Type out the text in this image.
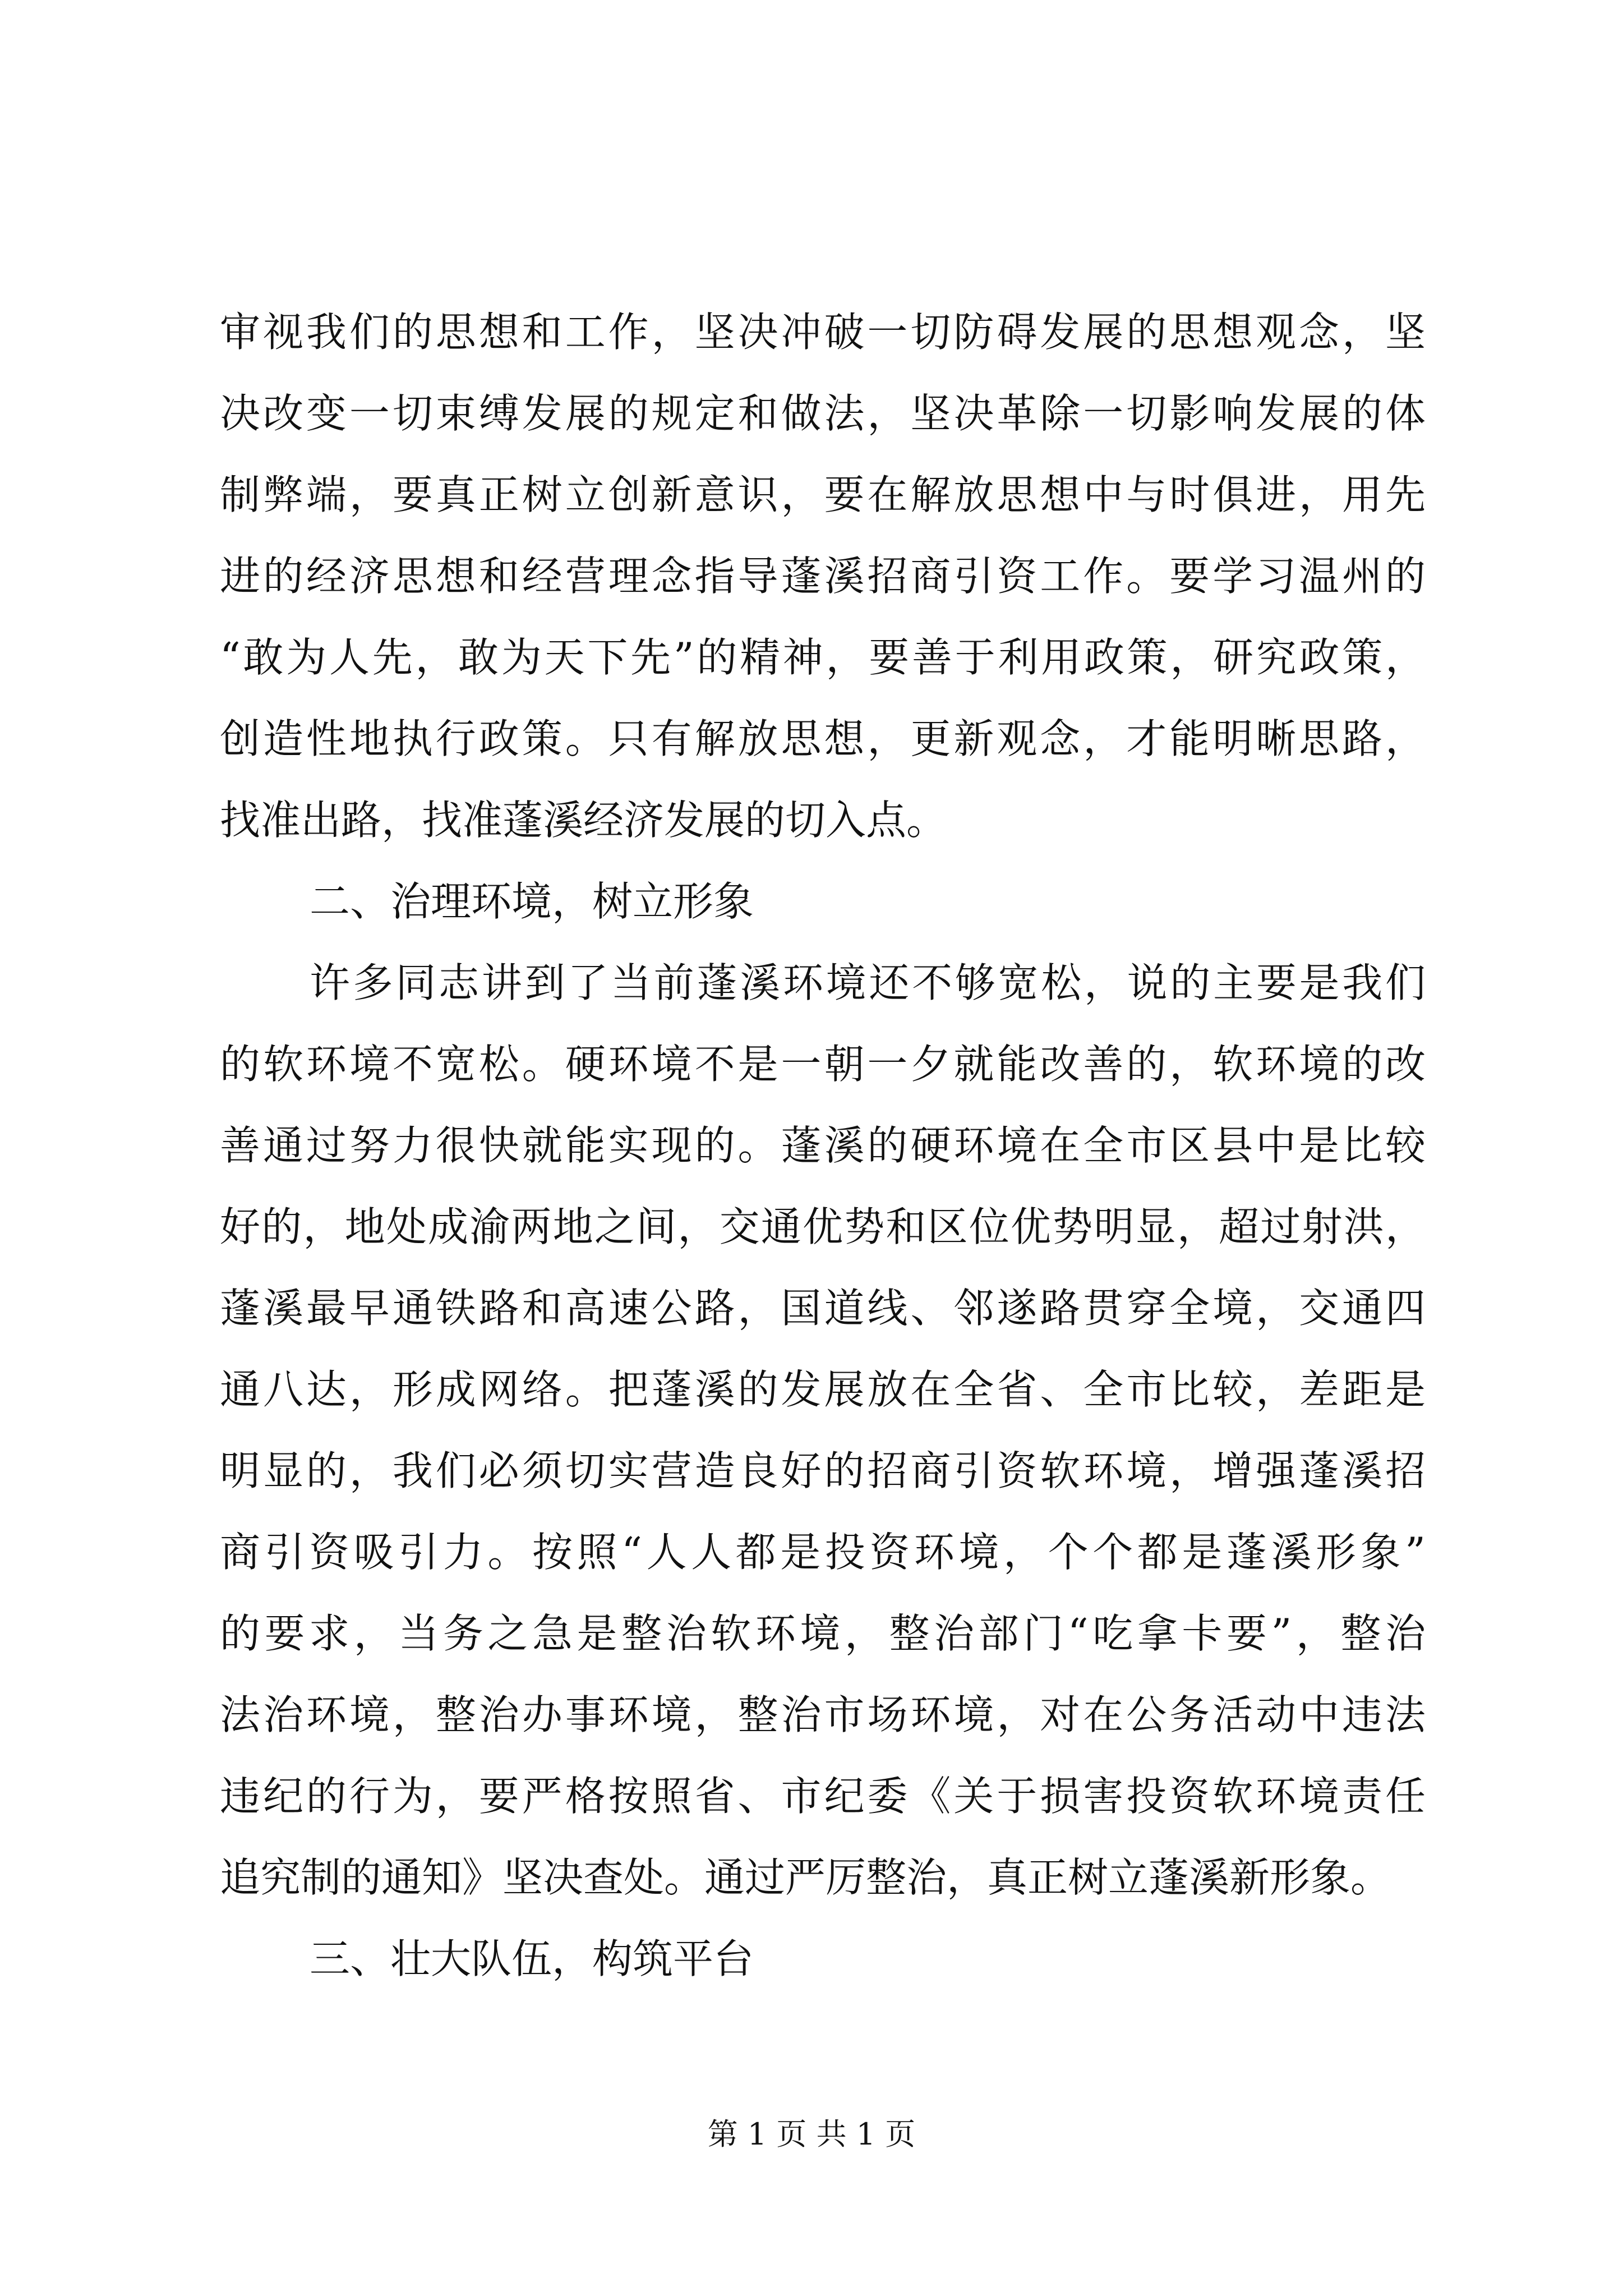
审视我们的思想和工作，坚决冲破一切防碍发展的思想观念，坚
决改变一切束缚发展的规定和做法，坚决革除一切影响发展的体
制弊端，要真正树立创新意识，要在解放思想中与时俱进，用先
进的经济思想和经营理念指导蓬溪招商引资工作。要学习温州的
“敢为人先，敢为天下先”的精神，要善于利用政策，研究政策，
创造性地执行政策。只有解放思想，更新观念，才能明晰思路，
找准出路，找准蓬溪经济发展的切入点。
二、治理环境，树立形象
许多同志讲到了当前蓬溪环境还不够宽松，说的主要是我们
的软环境不宽松。硬环境不是一朝一夕就能改善的，软环境的改
善通过努力很快就能实现的。蓬溪的硬环境在全市区县中是比较
好的，地处成渝两地之间，交通优势和区位优势明显，超过射洪，
蓬溪最早通铁路和高速公路，国道线、邻遂路贯穿全境，交通四
通八达，形成网络。把蓬溪的发展放在全省、全市比较，差距是
明显的，我们必须切实营造良好的招商引资软环境，增强蓬溪招
商引资吸引力。按照“人人都是投资环境，个个都是蓬溪形象”
的要求，当务之急是整治软环境，整治部门“吃拿卡要”，整治
法治环境，整治办事环境，整治市场环境，对在公务活动中违法
违纪的行为，要严格按照省、市纪委《关于损害投资软环境责任
追究制的通知》坚决查处。通过严厉整治，真正树立蓬溪新形象。
三、壮大队伍，构筑平台
第 1 页 共 1 页
